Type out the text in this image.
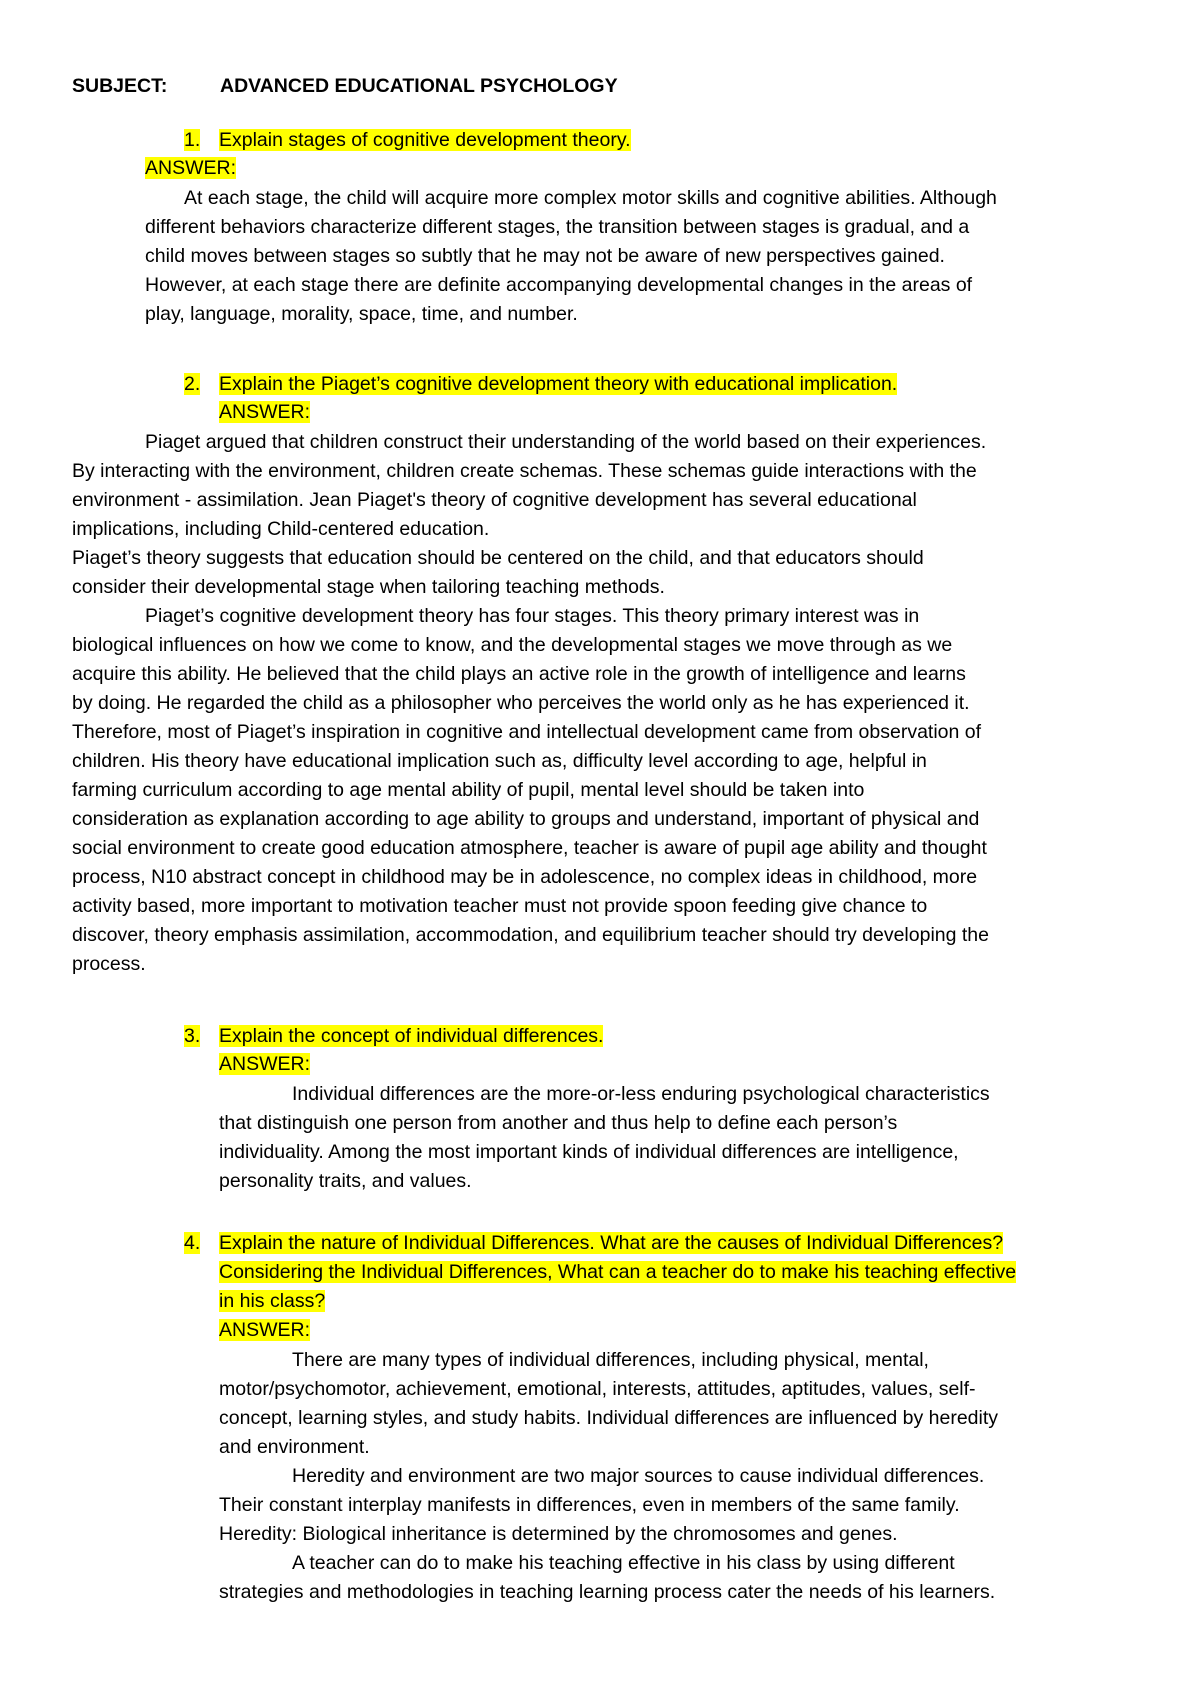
SUBJECT:	ADVANCED EDUCATIONAL PSYCHOLOGY
1. Explain stages of cognitive development theory.
ANSWER:
At each stage, the child will acquire more complex motor skills and cognitive abilities. Although
different behaviors characterize different stages, the transition between stages is gradual, and a
child moves between stages so subtly that he may not be aware of new perspectives gained.
However, at each stage there are definite accompanying developmental changes in the areas of
play, language, morality, space, time, and number.
2. Explain the Piaget’s cognitive development theory with educational implication.
ANSWER:
Piaget argued that children construct their understanding of the world based on their experiences.
By interacting with the environment, children create schemas. These schemas guide interactions with the
environment - assimilation. Jean Piaget's theory of cognitive development has several educational
implications, including Child-centered education.
Piaget’s theory suggests that education should be centered on the child, and that educators should
consider their developmental stage when tailoring teaching methods.
Piaget’s cognitive development theory has four stages. This theory primary interest was in
biological influences on how we come to know, and the developmental stages we move through as we
acquire this ability. He believed that the child plays an active role in the growth of intelligence and learns
by doing. He regarded the child as a philosopher who perceives the world only as he has experienced it.
Therefore, most of Piaget’s inspiration in cognitive and intellectual development came from observation of
children. His theory have educational implication such as, difficulty level according to age, helpful in
farming curriculum according to age mental ability of pupil, mental level should be taken into
consideration as explanation according to age ability to groups and understand, important of physical and
social environment to create good education atmosphere, teacher is aware of pupil age ability and thought
process, N10 abstract concept in childhood may be in adolescence, no complex ideas in childhood, more
activity based, more important to motivation teacher must not provide spoon feeding give chance to
discover, theory emphasis assimilation, accommodation, and equilibrium teacher should try developing the
process.
3. Explain the concept of individual differences.
ANSWER:
Individual differences are the more-or-less enduring psychological characteristics
that distinguish one person from another and thus help to define each person’s
individuality. Among the most important kinds of individual differences are intelligence,
personality traits, and values.
4. Explain the nature of Individual Differences. What are the causes of Individual Differences?
Considering the Individual Differences, What can a teacher do to make his teaching effective
in his class?
ANSWER:
There are many types of individual differences, including physical, mental,
motor/psychomotor, achievement, emotional, interests, attitudes, aptitudes, values, self-
concept, learning styles, and study habits. Individual differences are influenced by heredity
and environment.
Heredity and environment are two major sources to cause individual differences.
Their constant interplay manifests in differences, even in members of the same family.
Heredity: Biological inheritance is determined by the chromosomes and genes.
A teacher can do to make his teaching effective in his class by using different
strategies and methodologies in teaching learning process cater the needs of his learners.
